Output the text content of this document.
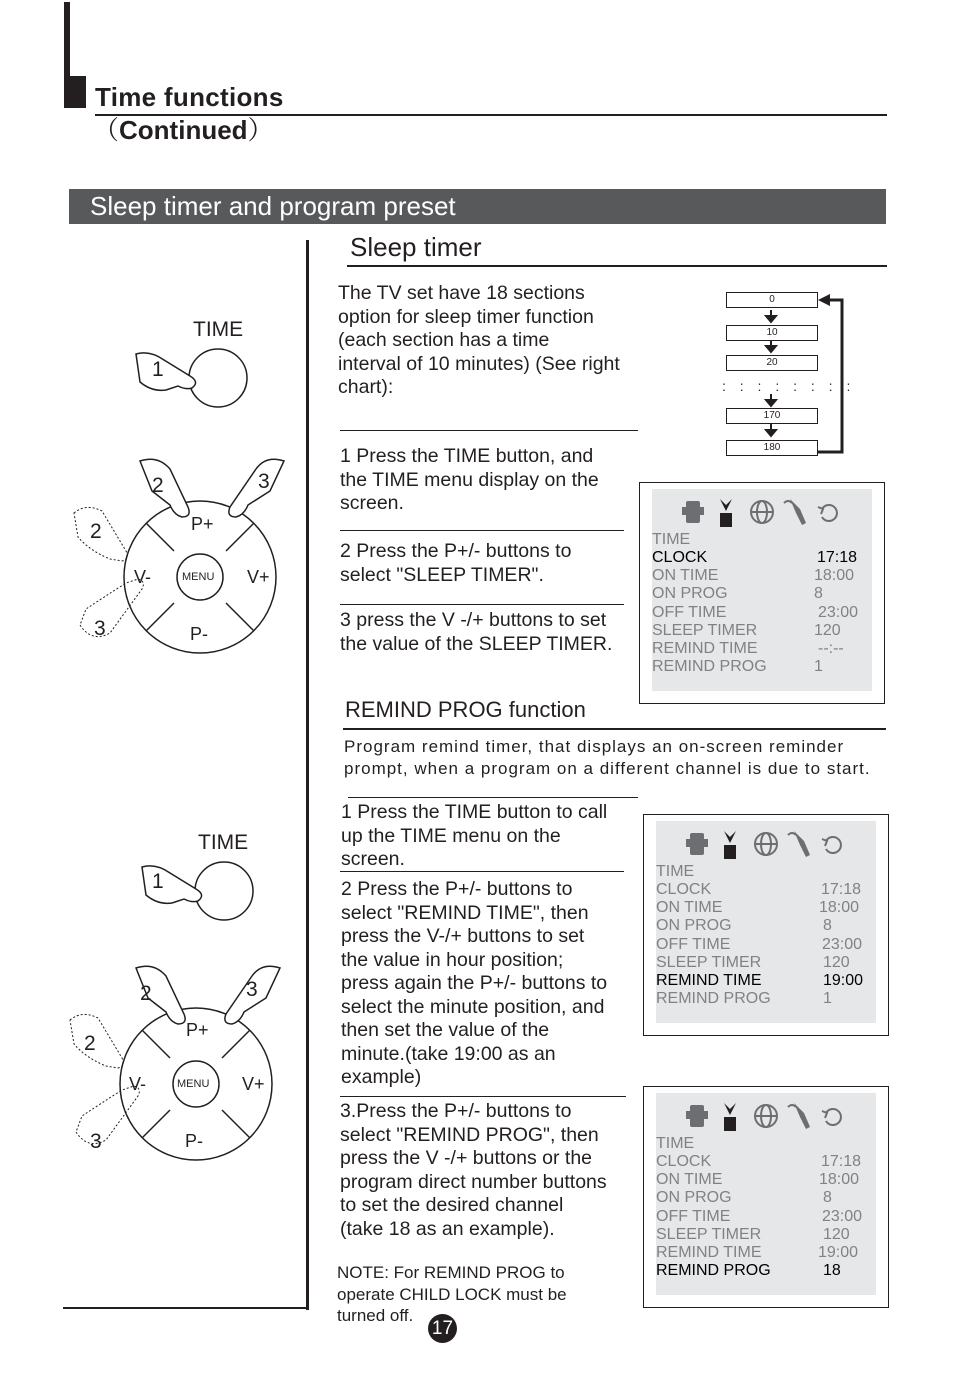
Time functions
（Continued）
Sleep timer and program preset
Sleep timer
The TV set have 18 sections
option for sleep timer function
(each section has a time
interval of 10 minutes) (See right
chart):
1 Press the TIME button, and
the TIME menu display on the
screen.
2 Press the P+/- buttons to
select "SLEEP TIMER".
3 press the V -/+ buttons to set
the value of the SLEEP TIMER.
0
10
20
: : : : : : : :
170
180
TIME
CLOCK	17:18
ON TIME	18:00
ON PROG	8
OFF TIME	23:00
SLEEP TIMER	120
REMIND TIME	--:--
REMIND PROG	1
REMIND PROG function
Program remind timer, that displays an on-screen reminder
prompt, when a program on a different channel is due to start.
1 Press the TIME button to call
up the TIME menu on the
screen.
2 Press the P+/- buttons to
select "REMIND TIME", then
press the V-/+ buttons to set
the value in hour position;
press again the P+/- buttons to
select the minute position, and
then set the value of the
minute.(take 19:00 as an
example)
3.Press the P+/- buttons to
select "REMIND PROG", then
press the V -/+ buttons or the
program direct number buttons
to set the desired channel
(take 18 as an example).
NOTE: For REMIND PROG to
operate CHILD LOCK must be
turned off.
TIME
CLOCK	17:18
ON TIME	18:00
ON PROG	8
OFF TIME	23:00
SLEEP TIMER	120
REMIND TIME	19:00
REMIND PROG	1
TIME
CLOCK	17:18
ON TIME	18:00
ON PROG	8
OFF TIME	23:00
SLEEP TIMER	120
REMIND TIME	19:00
REMIND PROG	18
TIME
1
2	3
2
3
P+
P-
V-	V+
MENU
TIME
1
2	3
2
3
P+
P-
V-	V+
MENU
17
